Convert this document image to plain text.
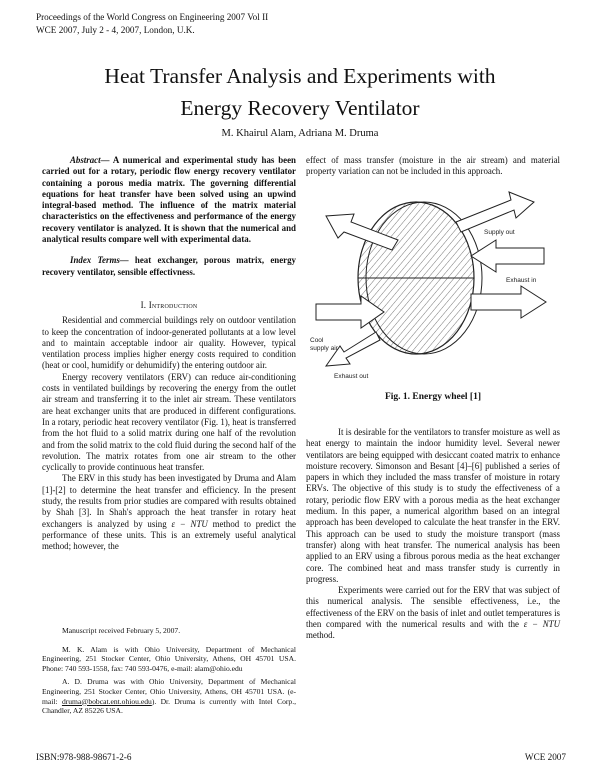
Proceedings of the World Congress on Engineering 2007 Vol II
WCE 2007, July 2 - 4, 2007, London, U.K.
Heat Transfer Analysis and Experiments with
Energy Recovery Ventilator
M. Khairul Alam, Adriana M. Druma

Abstract— A numerical and experimental study has been carried out for a rotary, periodic flow energy recovery ventilator containing a porous media matrix. The governing differential equations for heat transfer have been solved using an upwind integral-based method. The influence of the matrix material characteristics on the effectiveness and performance of the energy recovery ventilator is analyzed. It is shown that the numerical and analytical results compare well with experimental data.

Index Terms— heat exchanger, porous matrix, energy recovery ventilator, sensible effectivness.

I. Introduction

Residential and commercial buildings rely on outdoor ventilation to keep the concentration of indoor-generated pollutants at a low level and to maintain acceptable indoor air quality. However, typical ventilation process implies higher energy costs required to condition (heat or cool, humidify or dehumidify) the entering outdoor air.

Energy recovery ventilators (ERV) can reduce air-conditioning costs in ventilated buildings by recovering the energy from the outlet air stream and transferring it to the inlet air stream. These ventilators are heat exchanger units that are produced in different configurations. In a rotary, periodic heat recovery ventilator (Fig. 1), heat is transferred from the hot fluid to a solid matrix during one half of the revolution and from the solid matrix to the cold fluid during the second half of the revolution. The matrix rotates from one air stream to the other cyclically to provide continuous heat transfer.

The ERV in this study has been investigated by Druma and Alam [1]-[2] to determine the heat transfer and efficiency. In the present study, the results from prior studies are compared with results obtained by Shah [3]. In Shah's approach the heat transfer in rotary heat exchangers is analyzed by using ε − NTU method to predict the performance of these units. This is an extremely useful analytical method; however, the

Manuscript received February 5, 2007.

M. K. Alam is with Ohio University, Department of Mechanical Engineering, 251 Stocker Center, Ohio University, Athens, OH 45701 USA. Phone: 740 593-1558, fax: 740 593-0476, e-mail: alam@ohio.edu

A. D. Druma was with Ohio University, Department of Mechanical Engineering, 251 Stocker Center, Ohio University, Athens, OH 45701 USA. (e-mail: druma@bobcat.ent.ohiou.edu). Dr. Druma is currently with Intel Corp., Chandler, AZ 85226 USA.

effect of mass transfer (moisture in the air stream) and material property variation can not be included in this approach.

Supply out
Exhaust in
Cool supply air
Exhaust out
Fig. 1. Energy wheel [1]

It is desirable for the ventilators to transfer moisture as well as heat energy to maintain the indoor humidity level. Several newer ventilators are being equipped with desiccant coated matrix to enhance moisture recovery. Simonson and Besant [4]–[6] published a series of papers in which they included the mass transfer of moisture in rotary ERVs. The objective of this study is to study the effectiveness of a rotary, periodic flow ERV with a porous media as the heat exchanger medium. In this paper, a numerical algorithm based on an integral approach has been developed to calculate the heat transfer in the ERV. This approach can be used to study the moisture transport (mass transfer) along with heat transfer. The numerical analysis has been applied to an ERV using a fibrous porous media as the heat exchanger core. The combined heat and mass transfer study is currently in progress.

Experiments were carried out for the ERV that was subject of this numerical analysis. The sensible effectiveness, i.e., the effectiveness of the ERV on the basis of inlet and outlet temperatures is then compared with the numerical results and with the ε − NTU method.

ISBN:978-988-98671-2-6	WCE 2007
